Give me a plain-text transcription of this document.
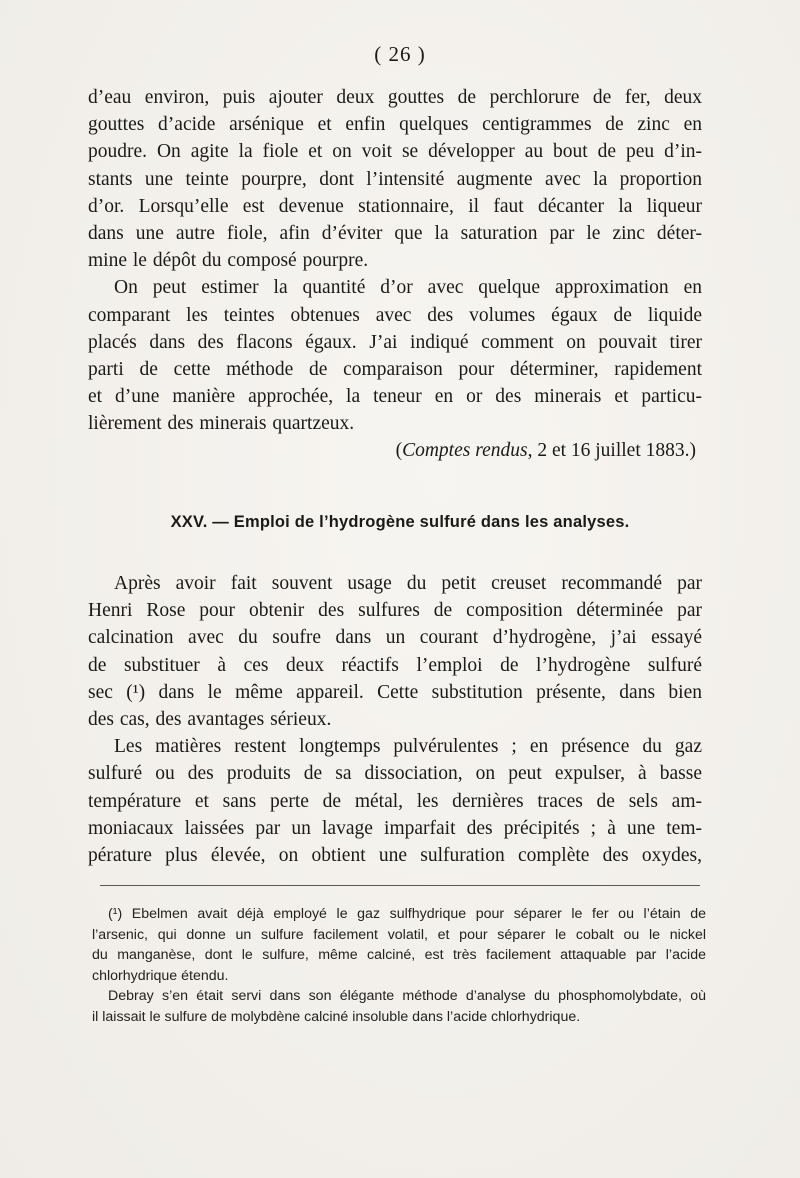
( 26 )

d’eau environ, puis ajouter deux gouttes de perchlorure de fer, deux
gouttes d’acide arsénique et enfin quelques centigrammes de zinc en
poudre. On agite la fiole et on voit se développer au bout de peu d’in-
stants une teinte pourpre, dont l’intensité augmente avec la proportion
d’or. Lorsqu’elle est devenue stationnaire, il faut décanter la liqueur
dans une autre fiole, afin d’éviter que la saturation par le zinc déter-
mine le dépôt du composé pourpre.

On peut estimer la quantité d’or avec quelque approximation en
comparant les teintes obtenues avec des volumes égaux de liquide
placés dans des flacons égaux. J’ai indiqué comment on pouvait tirer
parti de cette méthode de comparaison pour déterminer, rapidement
et d’une manière approchée, la teneur en or des minerais et particu-
lièrement des minerais quartzeux.

(Comptes rendus, 2 et 16 juillet 1883.)
XXV. — Emploi de l’hydrogène sulfuré dans les analyses.

Après avoir fait souvent usage du petit creuset recommandé par
Henri Rose pour obtenir des sulfures de composition déterminée par
calcination avec du soufre dans un courant d’hydrogène, j’ai essayé
de substituer à ces deux réactifs l’emploi de l’hydrogène sulfuré
sec (¹) dans le même appareil. Cette substitution présente, dans bien
des cas, des avantages sérieux.

Les matières restent longtemps pulvérulentes ; en présence du gaz
sulfuré ou des produits de sa dissociation, on peut expulser, à basse
température et sans perte de métal, les dernières traces de sels am-
moniacaux laissées par un lavage imparfait des précipités ; à une tem-
pérature plus élevée, on obtient une sulfuration complète des oxydes,

(¹) Ebelmen avait déjà employé le gaz sulfhydrique pour séparer le fer ou l’étain de
l’arsenic, qui donne un sulfure facilement volatil, et pour séparer le cobalt ou le nickel
du manganèse, dont le sulfure, même calciné, est très facilement attaquable par l’acide
chlorhydrique étendu.
Debray s’en était servi dans son élégante méthode d’analyse du phosphomolybdate, où
il laissait le sulfure de molybdène calciné insoluble dans l’acide chlorhydrique.
